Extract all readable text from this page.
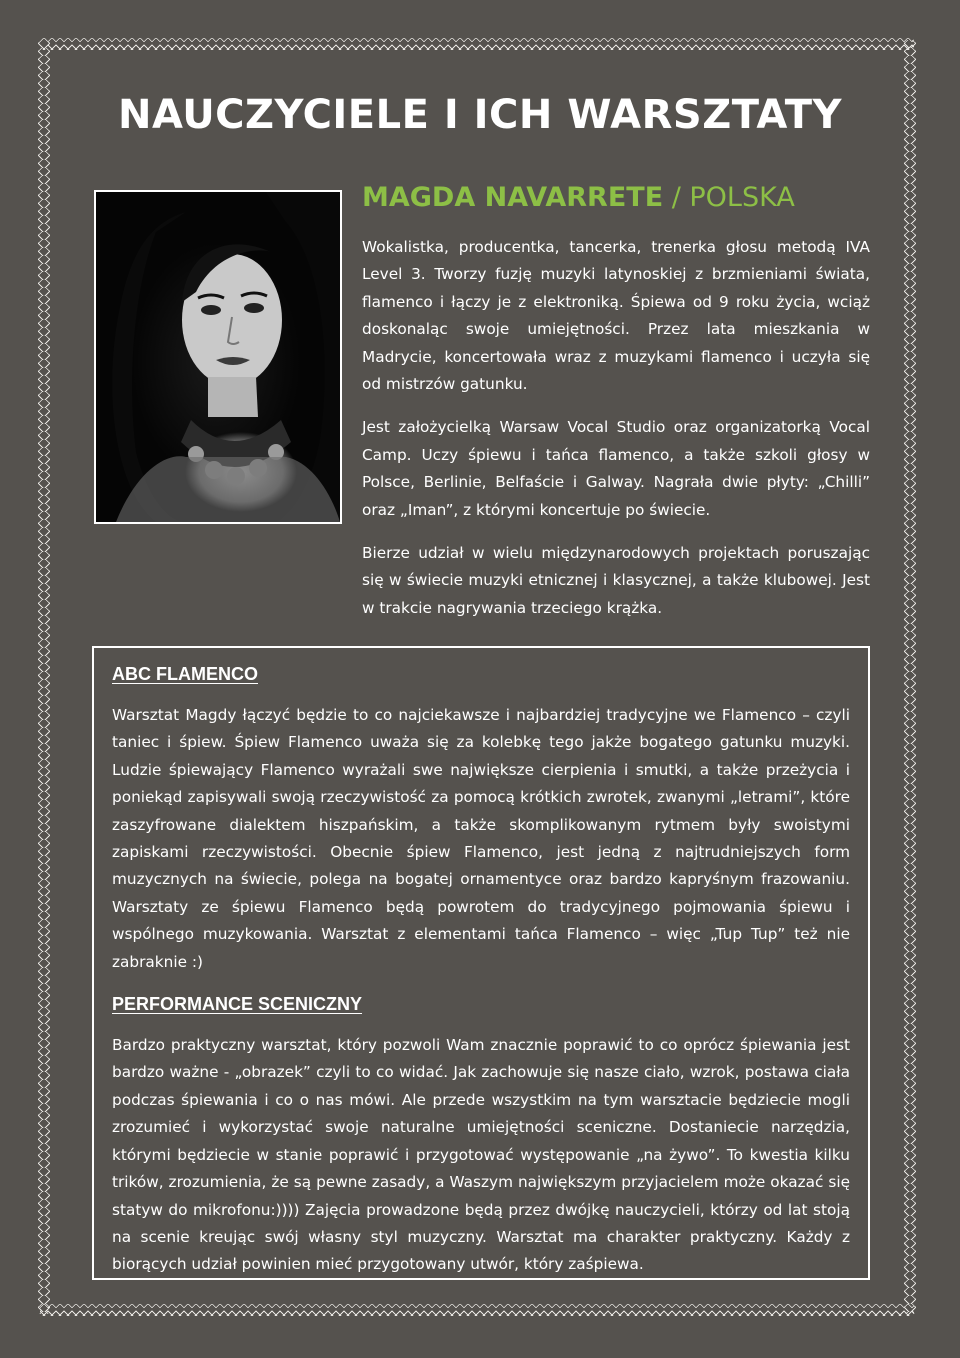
NAUCZYCIELE I ICH WARSZTATY
MAGDA NAVARRETE / POLSKA

Wokalistka, producentka, tancerka, trenerka głosu metodą IVA Level 3. Tworzy fuzję muzyki latynoskiej z brzmieniami świata, flamenco i łączy je z elektroniką. Śpiewa od 9 roku życia, wciąż doskonaląc swoje umiejętności. Przez lata mieszkania w Madrycie, koncertowała wraz z muzykami flamenco i uczyła się od mistrzów gatunku.

Jest założycielką Warsaw Vocal Studio oraz organizatorką Vocal Camp. Uczy śpiewu i tańca flamenco, a także szkoli głosy w Polsce, Berlinie, Belfaście i Galway. Nagrała dwie płyty: „Chilli” oraz „Iman”, z którymi koncertuje po świecie.

Bierze udział w wielu międzynarodowych projektach poruszając się w świecie muzyki etnicznej i klasycznej, a także klubowej. Jest w trakcie nagrywania trzeciego krążka.

ABC FLAMENCO

Warsztat Magdy łączyć będzie to co najciekawsze i najbardziej tradycyjne we Flamenco – czyli taniec i śpiew. Śpiew Flamenco uważa się za kolebkę tego jakże bogatego gatunku muzyki. Ludzie śpiewający Flamenco wyrażali swe największe cierpienia i smutki, a także przeżycia i poniekąd zapisywali swoją rzeczywistość za pomocą krótkich zwrotek, zwanymi „letrami”, które zaszyfrowane dialektem hiszpańskim, a także skomplikowanym rytmem były swoistymi zapiskami rzeczywistości. Obecnie śpiew Flamenco, jest jedną z najtrudniejszych form muzycznych na świecie, polega na bogatej ornamentyce oraz bardzo kapryśnym frazowaniu. Warsztaty ze śpiewu Flamenco będą powrotem do tradycyjnego pojmowania śpiewu i wspólnego muzykowania. Warsztat z elementami tańca Flamenco – więc „Tup Tup” też nie zabraknie :)

PERFORMANCE SCENICZNY

Bardzo praktyczny warsztat, który pozwoli Wam znacznie poprawić to co oprócz śpiewania jest bardzo ważne - „obrazek” czyli to co widać. Jak zachowuje się nasze ciało, wzrok, postawa ciała podczas śpiewania i co o nas mówi. Ale przede wszystkim na tym warsztacie będziecie mogli zrozumieć i wykorzystać swoje naturalne umiejętności sceniczne. Dostaniecie narzędzia, którymi będziecie w stanie poprawić i przygotować występowanie „na żywo”. To kwestia kilku trików, zrozumienia, że są pewne zasady, a Waszym największym przyjacielem może okazać się statyw do mikrofonu:)))) Zajęcia prowadzone będą przez dwójkę nauczycieli, którzy od lat stoją na scenie kreując swój własny styl muzyczny. Warsztat ma charakter praktyczny. Każdy z biorących udział powinien mieć przygotowany utwór, który zaśpiewa.
